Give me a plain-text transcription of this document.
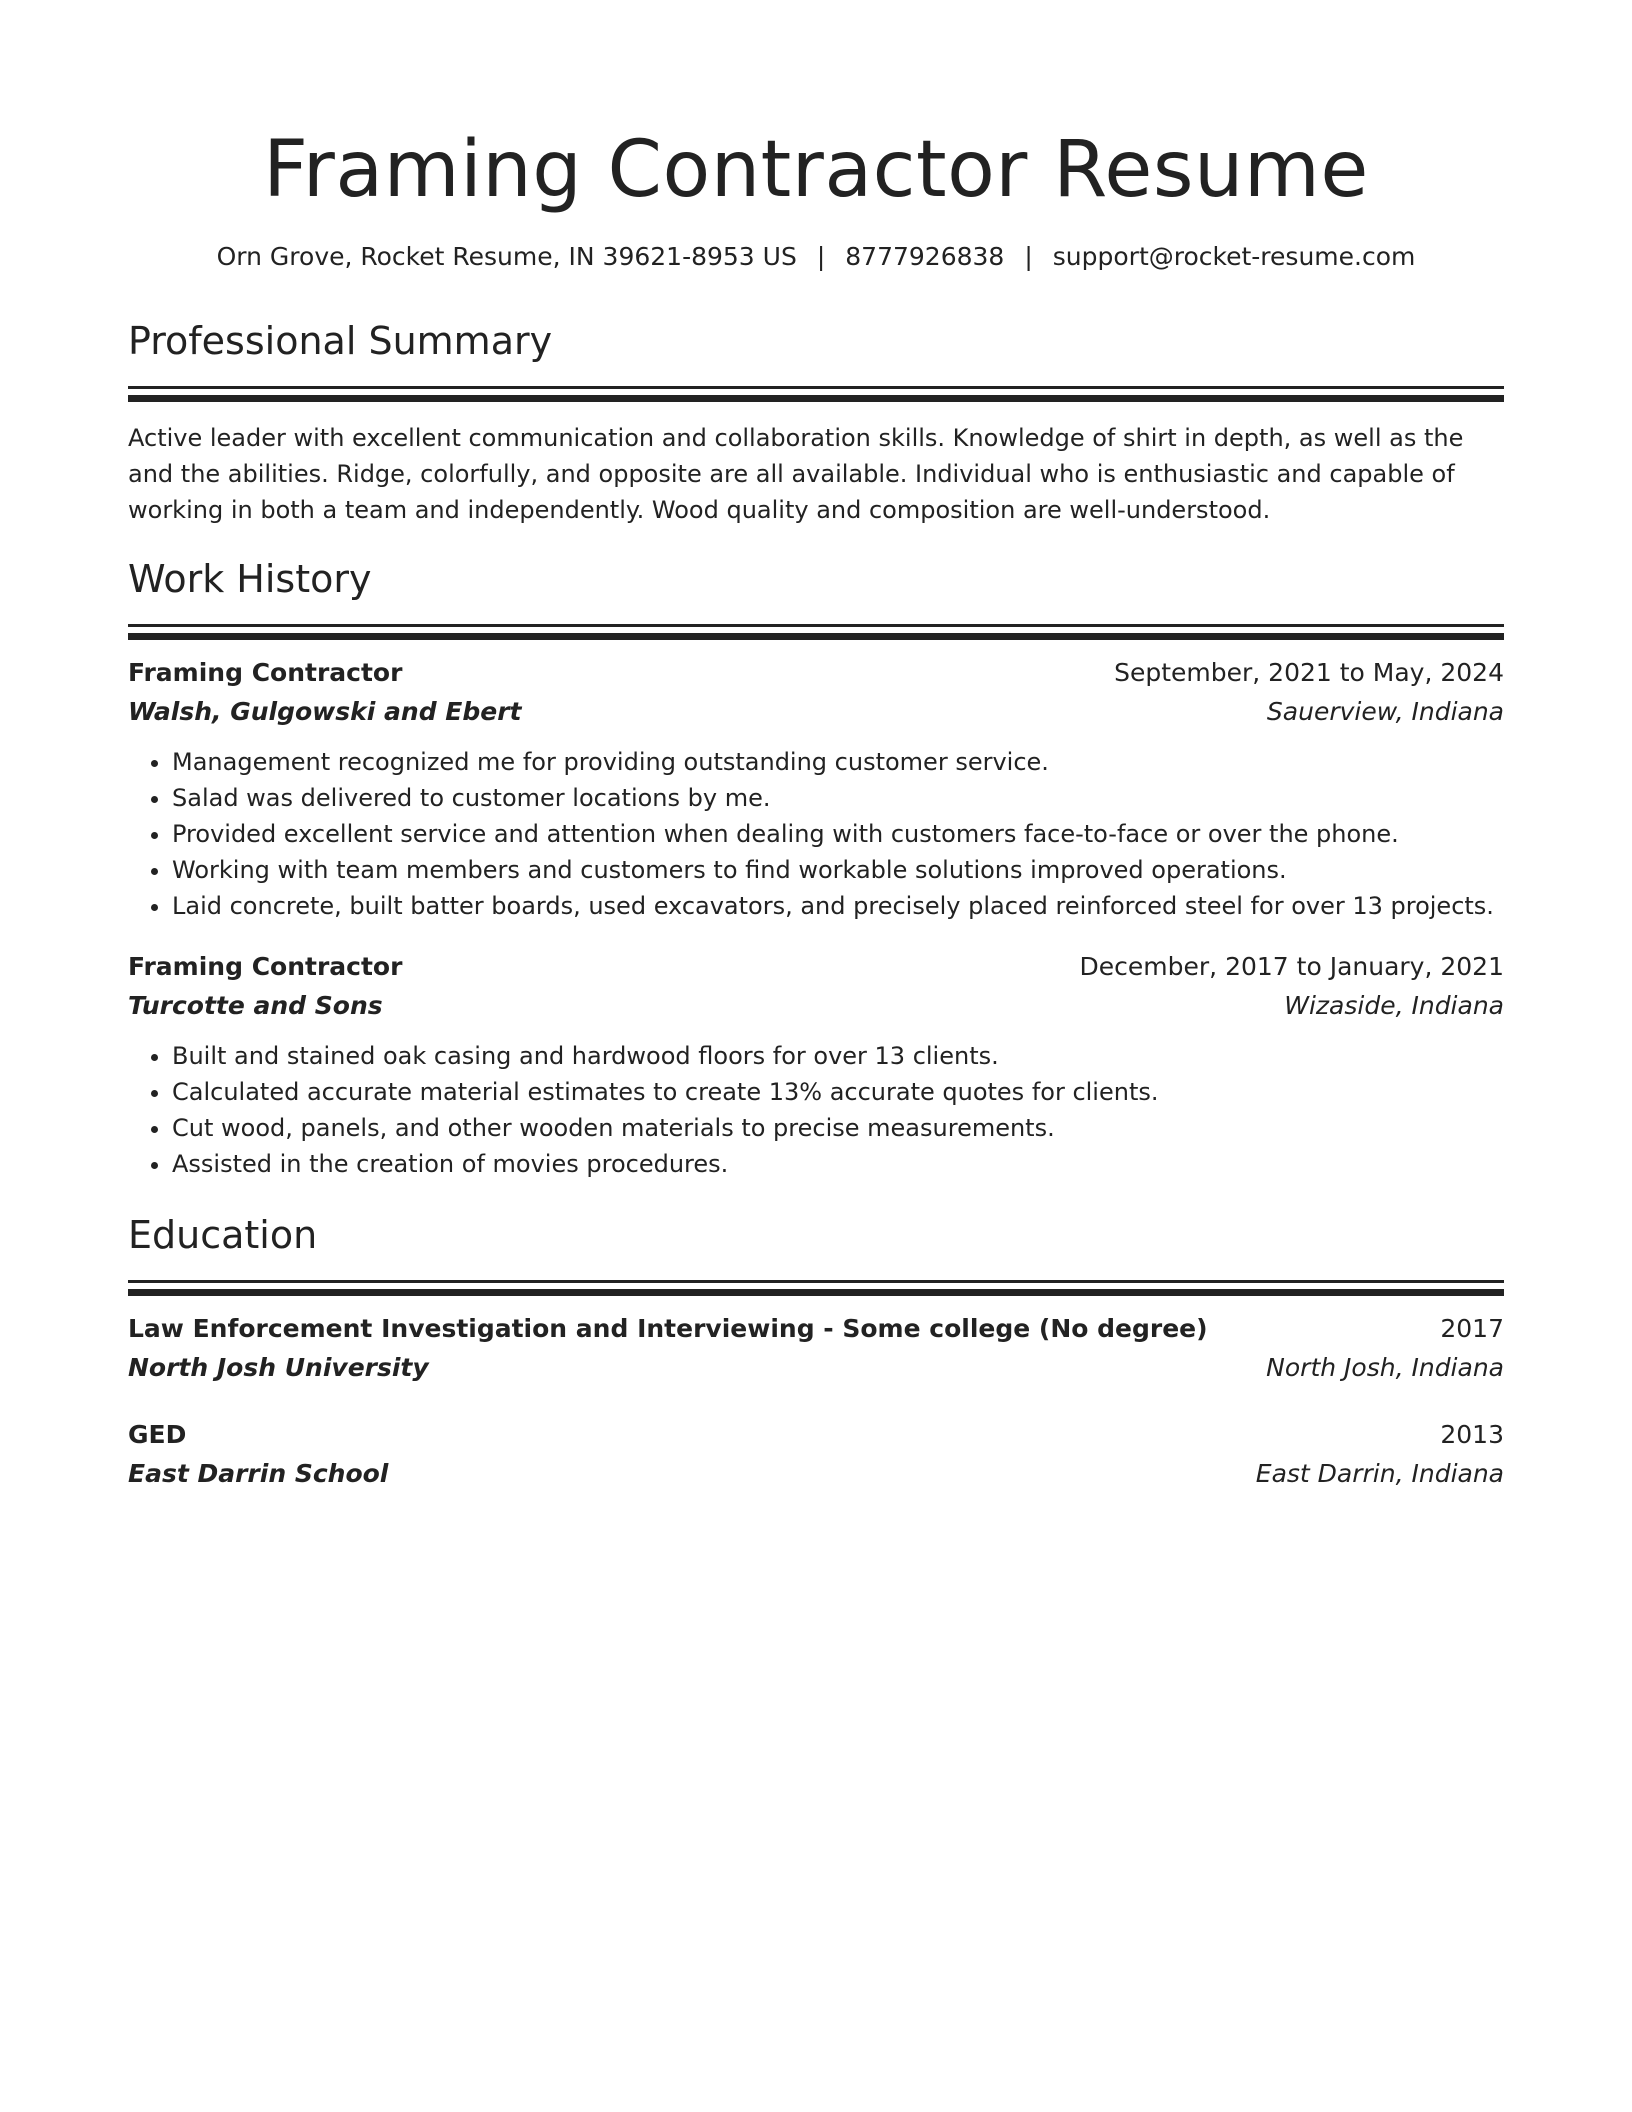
Framing Contractor Resume
Orn Grove, Rocket Resume, IN 39621-8953 US | 8777926838 | support@rocket-resume.com
Professional Summary

Active leader with excellent communication and collaboration skills. Knowledge of shirt in depth, as well as the and the abilities. Ridge, colorfully, and opposite are all available. Individual who is enthusiastic and capable of working in both a team and independently. Wood quality and composition are well-understood.

Work History
Framing Contractor	September, 2021 to May, 2024
Walsh, Gulgowski and Ebert	Sauerview, Indiana
• Management recognized me for providing outstanding customer service.
• Salad was delivered to customer locations by me.
• Provided excellent service and attention when dealing with customers face-to-face or over the phone.
• Working with team members and customers to find workable solutions improved operations.
• Laid concrete, built batter boards, used excavators, and precisely placed reinforced steel for over 13 projects.
Framing Contractor	December, 2017 to January, 2021
Turcotte and Sons	Wizaside, Indiana
• Built and stained oak casing and hardwood floors for over 13 clients.
• Calculated accurate material estimates to create 13% accurate quotes for clients.
• Cut wood, panels, and other wooden materials to precise measurements.
• Assisted in the creation of movies procedures.
Education
Law Enforcement Investigation and Interviewing - Some college (No degree)	2017
North Josh University	North Josh, Indiana
GED	2013
East Darrin School	East Darrin, Indiana
